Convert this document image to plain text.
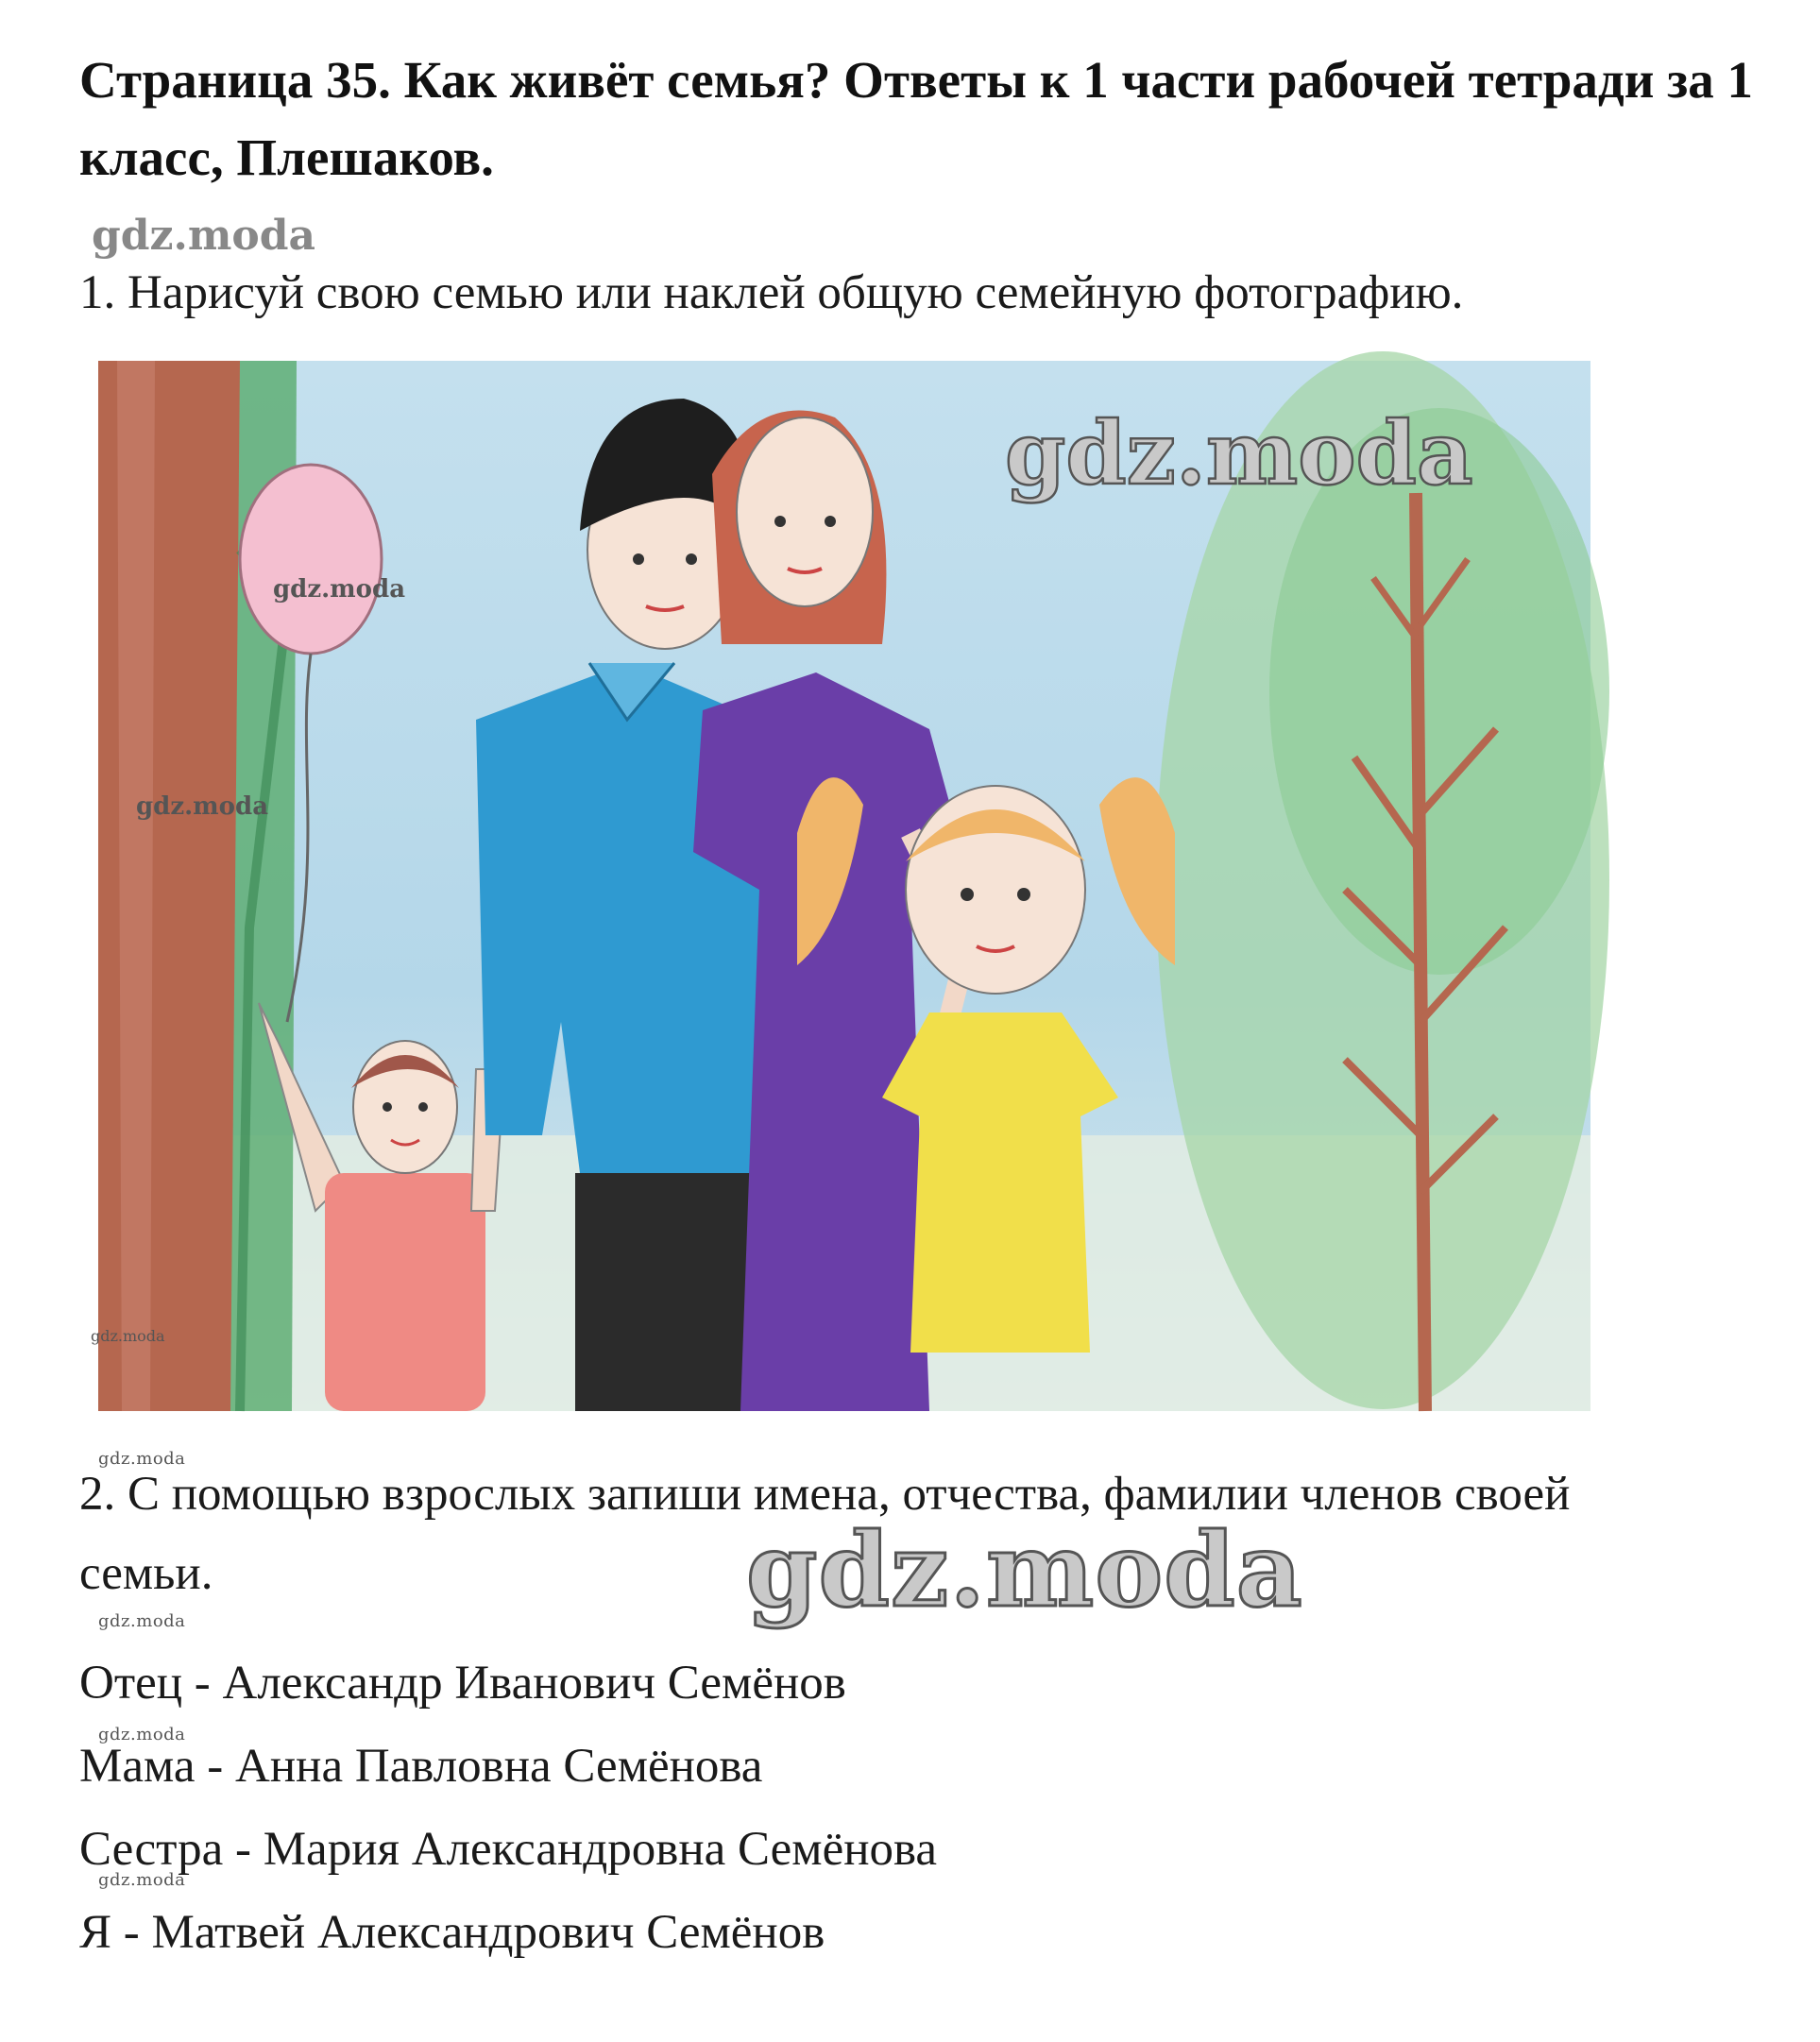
Страница 35. Как живёт семья? Ответы к 1 части рабочей тетради за 1 класс, Плешаков.
gdz.moda
1. Нарисуй свою семью или наклей общую семейную фотографию.
gdz.moda
gdz.moda
gdz.moda
gdz.moda
gdz.moda
2. С помощью взрослых запиши имена, отчества, фамилии членов своей семьи.	gdz.moda
gdz.moda
Отец - Александр Иванович Семёнов
gdz.moda
Мама - Анна Павловна Семёнова
Сестра - Мария Александровна Семёнова
gdz.moda
Я - Матвей Александрович Семёнов
